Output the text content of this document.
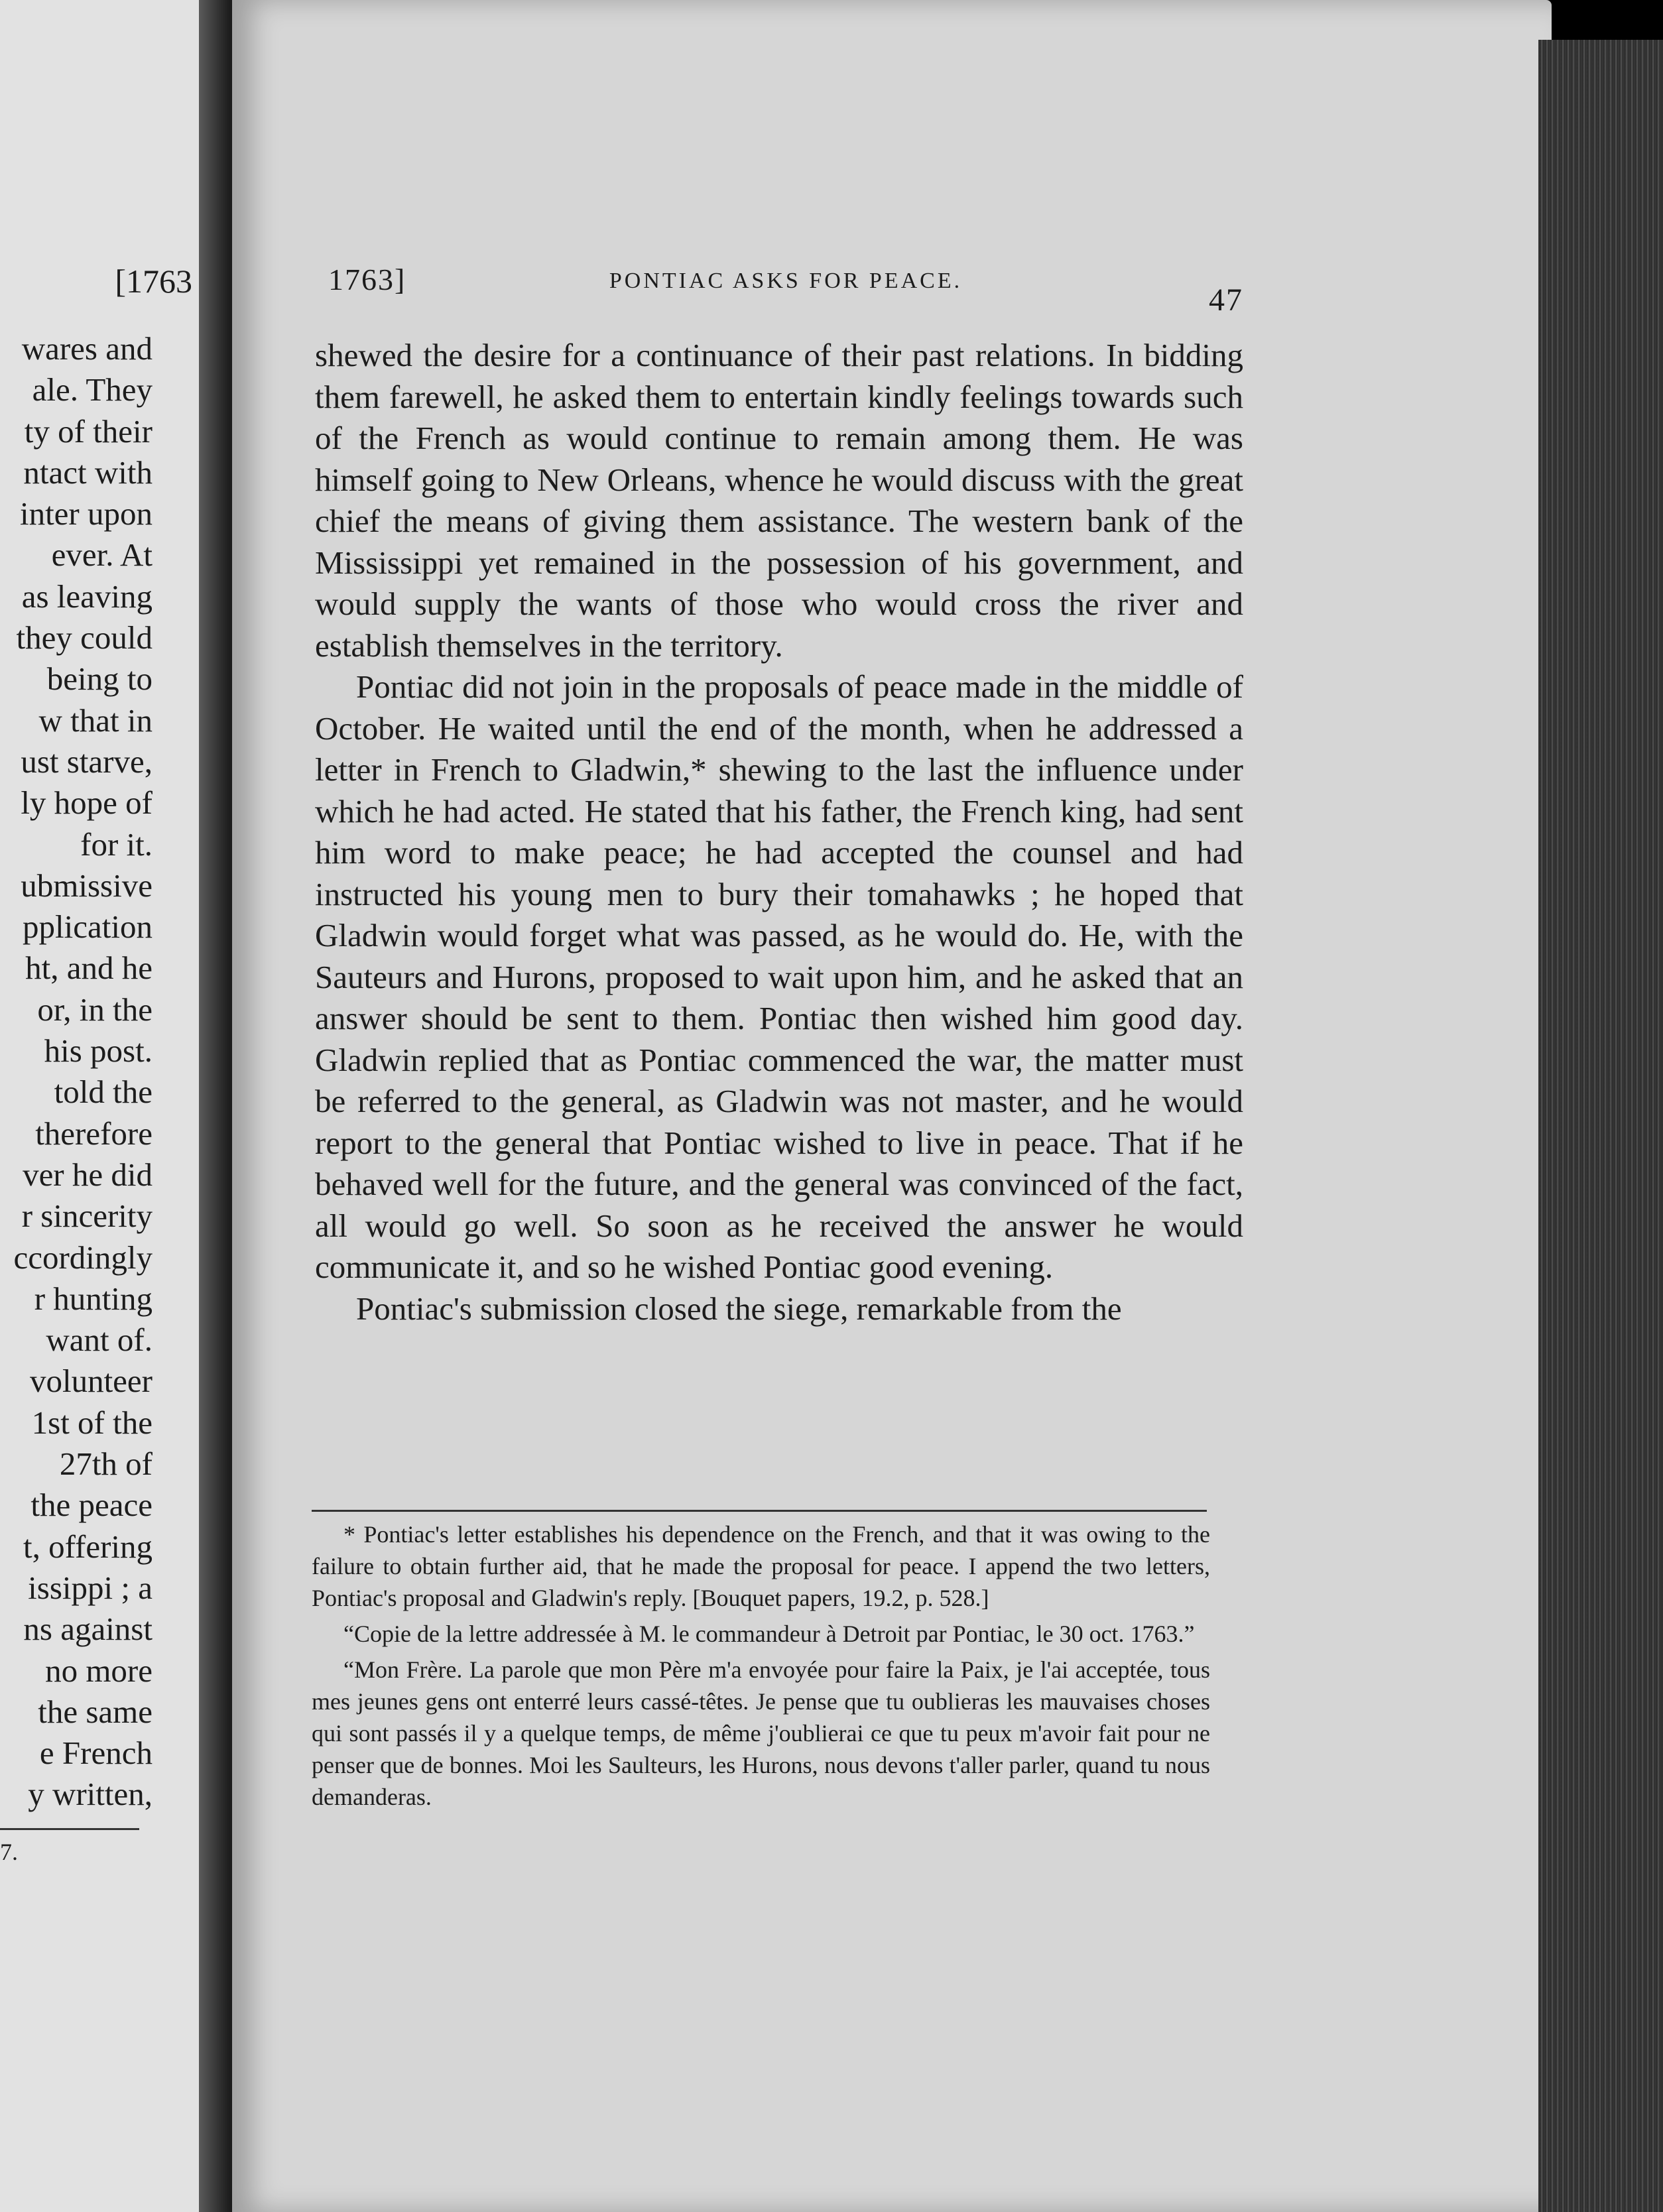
[1763
wares and
ale. They
ty of their
ntact with
inter upon
ever. At
as leaving
they could
being to
w that in
ust starve,
ly hope of
for it.
ubmissive
pplication
ht, and he
or, in the
his post.
told the
therefore
ver he did
r sincerity
ccordingly
r hunting
want of.
volunteer
1st of the
27th of
the peace
t, offering
issippi ; a
ns against
no more
the same
e French
y written,
7.
1763]	PONTIAC ASKS FOR PEACE.
47

shewed the desire for a continuance of their past relations. In bidding them farewell, he asked them to entertain kindly feelings towards such of the French as would continue to remain among them. He was himself going to New Orleans, whence he would discuss with the great chief the means of giving them assistance. The western bank of the Mississippi yet remained in the possession of his government, and would supply the wants of those who would cross the river and establish themselves in the territory.

Pontiac did not join in the proposals of peace made in the middle of October. He waited until the end of the month, when he addressed a letter in French to Gladwin,* shewing to the last the influence under which he had acted. He stated that his father, the French king, had sent him word to make peace; he had accepted the counsel and had instructed his young men to bury their tomahawks ; he hoped that Gladwin would forget what was passed, as he would do. He, with the Sauteurs and Hurons, proposed to wait upon him, and he asked that an answer should be sent to them. Pontiac then wished him good day. Gladwin replied that as Pontiac commenced the war, the matter must be referred to the general, as Gladwin was not master, and he would report to the general that Pontiac wished to live in peace. That if he behaved well for the future, and the general was convinced of the fact, all would go well. So soon as he received the answer he would communicate it, and so he wished Pontiac good evening.

Pontiac's submission closed the siege, remarkable from the

* Pontiac's letter establishes his dependence on the French, and that it was owing to the failure to obtain further aid, that he made the proposal for peace. I append the two letters, Pontiac's proposal and Gladwin's reply. [Bouquet papers, 19.2, p. 528.]

“Copie de la lettre addressée à M. le commandeur à Detroit par Pontiac, le 30 oct. 1763.”

“Mon Frère. La parole que mon Père m'a envoyée pour faire la Paix, je l'ai acceptée, tous mes jeunes gens ont enterré leurs cassé-têtes. Je pense que tu oublieras les mauvaises choses qui sont passés il y a quelque temps, de même j'oublierai ce que tu peux m'avoir fait pour ne penser que de bonnes. Moi les Saulteurs, les Hurons, nous devons t'aller parler, quand tu nous demanderas.
